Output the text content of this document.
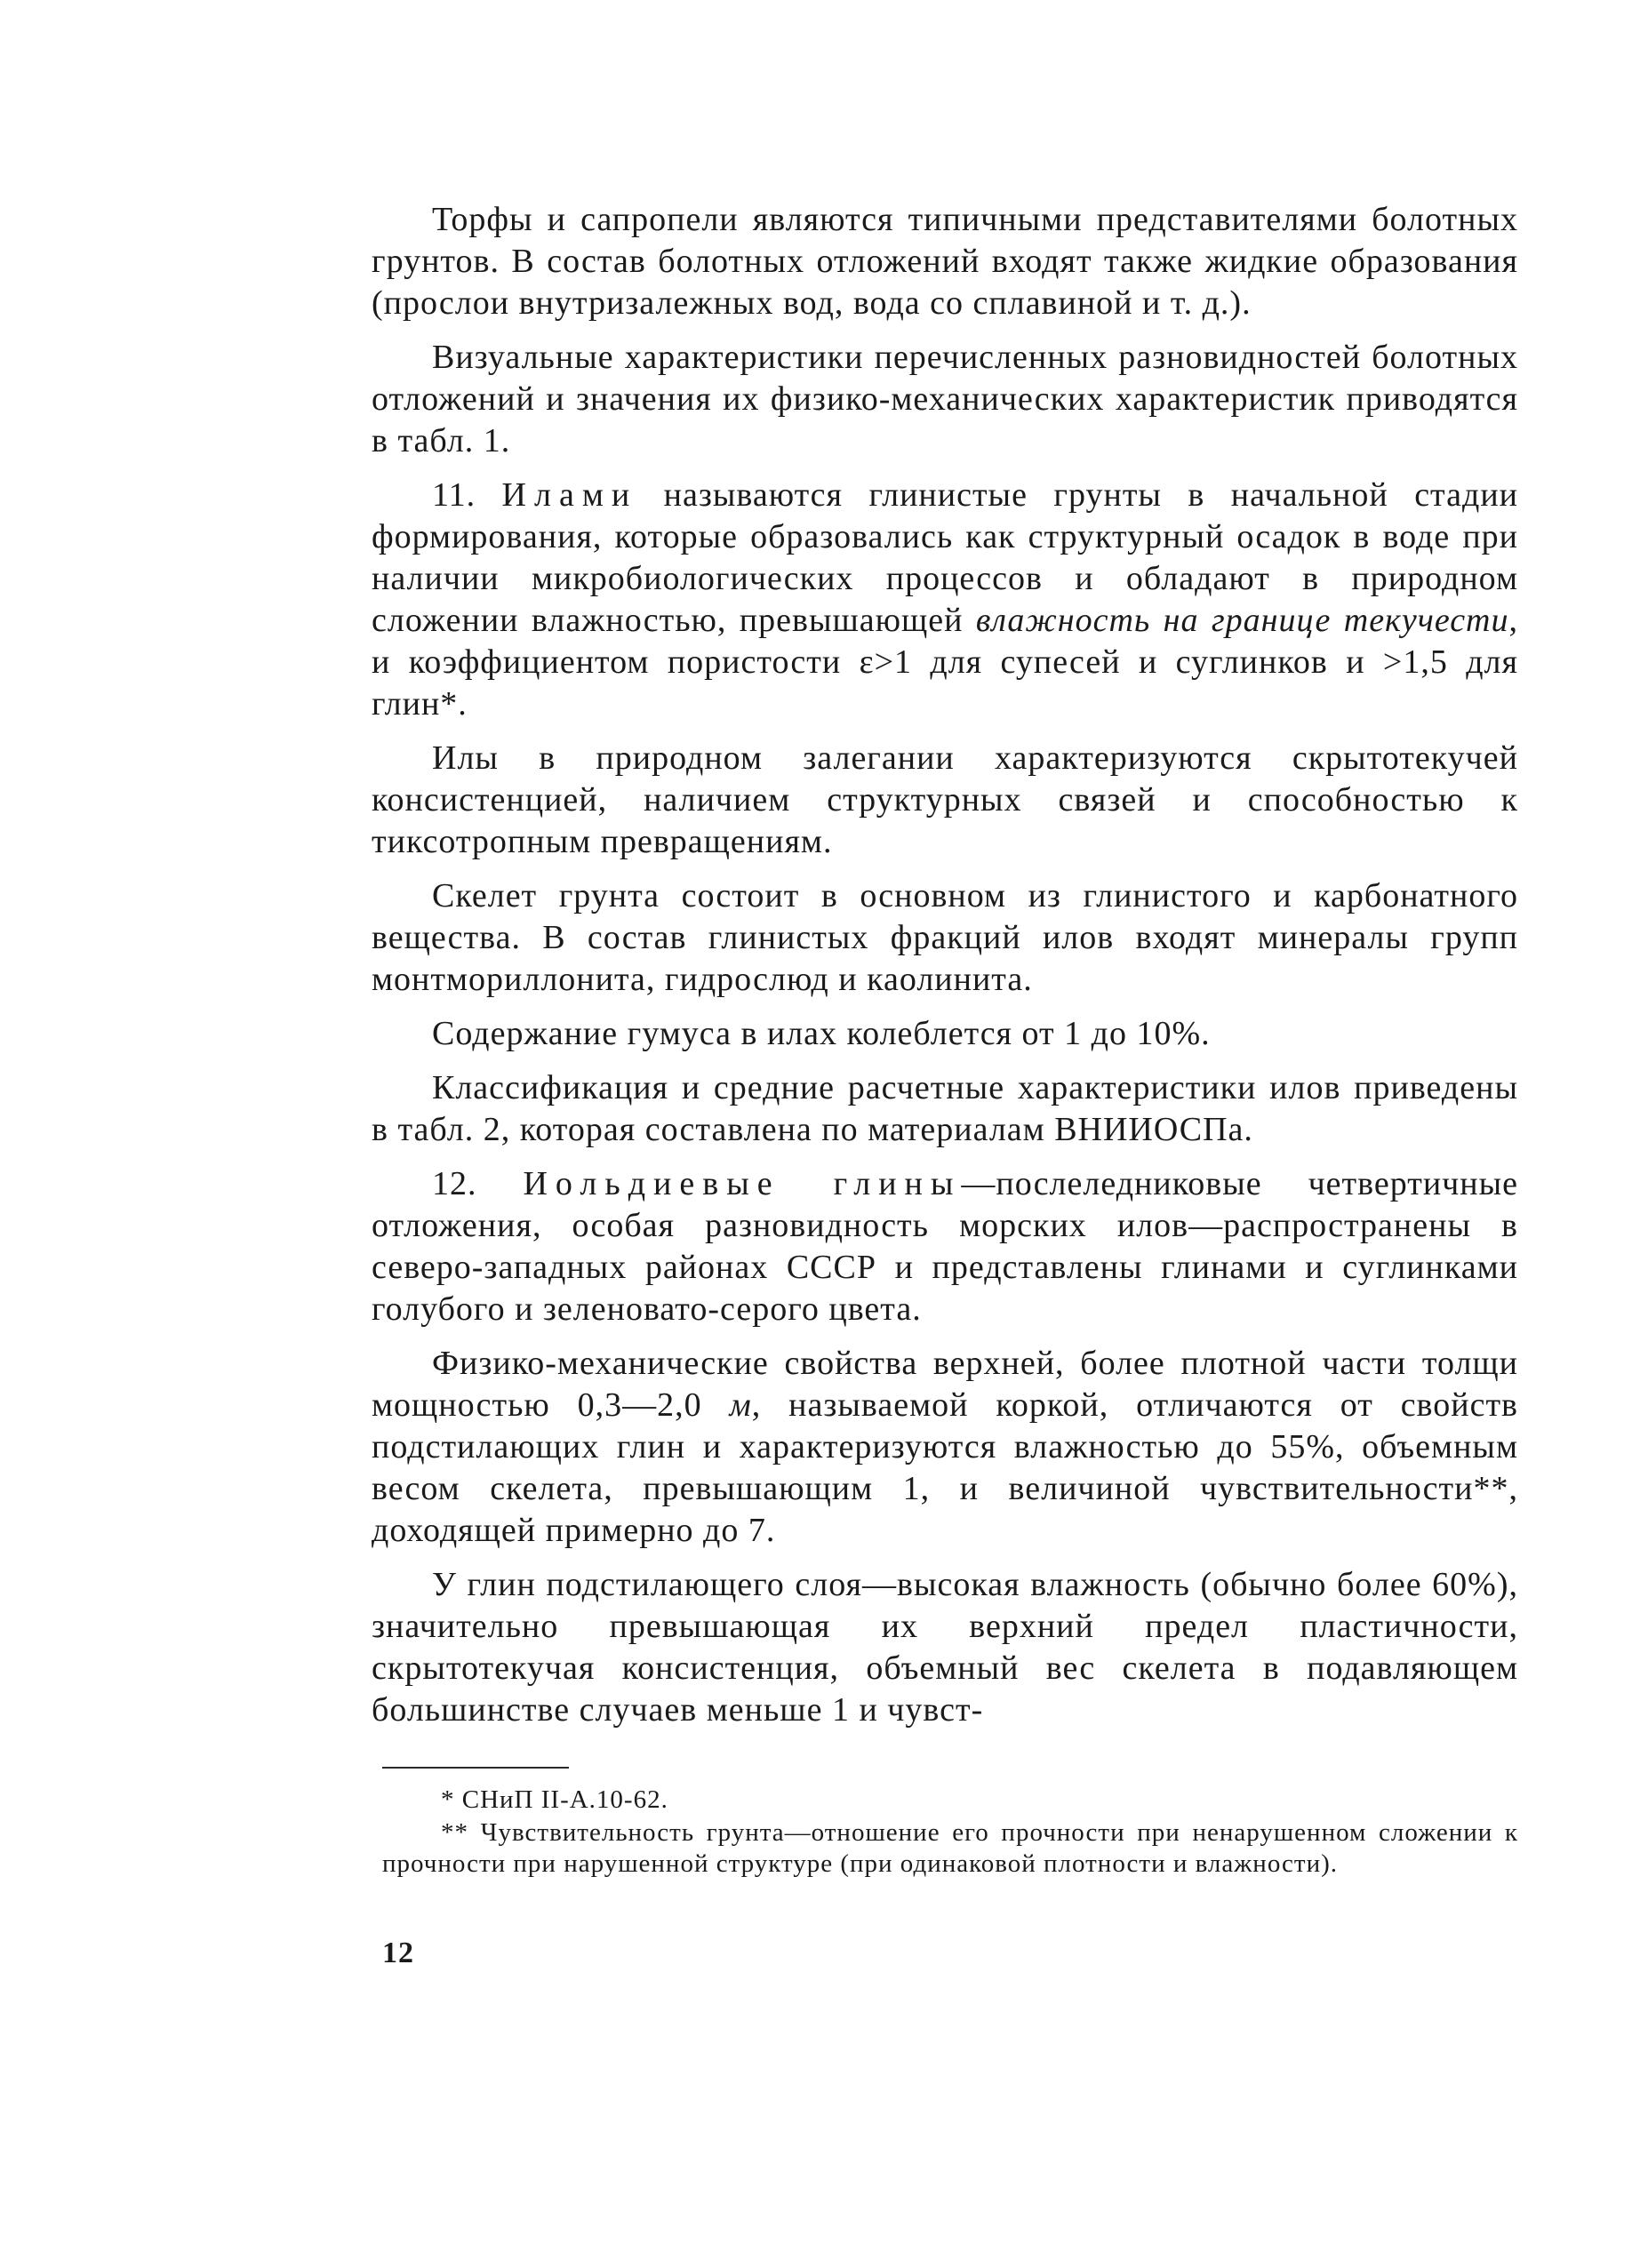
Торфы и сапропели являются типичными представителями болотных грунтов. В состав болотных отложений входят также жидкие образования (прослои внутризалежных вод, вода со сплавиной и т. д.).

Визуальные характеристики перечисленных разновидностей болотных отложений и значения их физико-механических характеристик приводятся в табл. 1.

11. Илами называются глинистые грунты в начальной стадии формирования, которые образовались как структурный осадок в воде при наличии микробиологических процессов и обладают в природном сложении влажностью, превышающей влажность на границе текучести, и коэффициентом пористости ε>1 для супесей и суглинков и >1,5 для глин*.

Илы в природном залегании характеризуются скрытотекучей консистенцией, наличием структурных связей и способностью к тиксотропным превращениям.

Скелет грунта состоит в основном из глинистого и карбонатного вещества. В состав глинистых фракций илов входят минералы групп монтмориллонита, гидрослюд и каолинита.

Содержание гумуса в илах колеблется от 1 до 10%.

Классификация и средние расчетные характеристики илов приведены в табл. 2, которая составлена по материалам ВНИИОСПа.

12. Иольдиевые глины—послеледниковые четвертичные отложения, особая разновидность морских илов—распространены в северо-западных районах СССР и представлены глинами и суглинками голубого и зеленовато-серого цвета.

Физико-механические свойства верхней, более плотной части толщи мощностью 0,3—2,0 м, называемой коркой, отличаются от свойств подстилающих глин и характеризуются влажностью до 55%, объемным весом скелета, превышающим 1, и величиной чувствительности**, доходящей примерно до 7.

У глин подстилающего слоя—высокая влажность (обычно более 60%), значительно превышающая их верхний предел пластичности, скрытотекучая консистенция, объемный вес скелета в подавляющем большинстве случаев меньше 1 и чувст-

* СНиП II-А.10-62.

** Чувствительность грунта—отношение его прочности при ненарушенном сложении к прочности при нарушенной структуре (при одинаковой плотности и влажности).

12
